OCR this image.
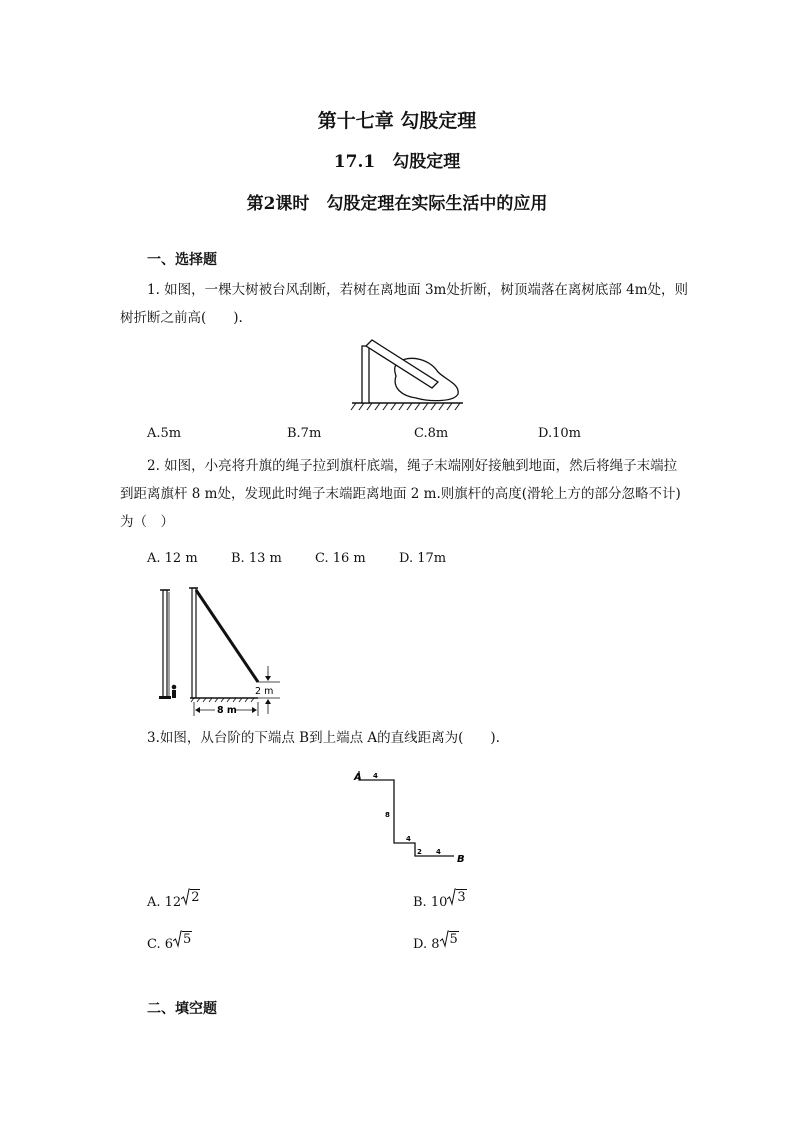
第十七章 勾股定理
17.1　勾股定理
第2课时　勾股定理在实际生活中的应用
一、选择题
1. 如图，一棵大树被台风刮断，若树在离地面 3m处折断，树顶端落在离树底部 4m处，则树折断之前高(　　).
A.5m	B.7m	C.8m	D.10m
2. 如图，小亮将升旗的绳子拉到旗杆底端，绳子末端刚好接触到地面，然后将绳子末端拉到距离旗杆 8 m处，发现此时绳子末端距离地面 2 m.则旗杆的高度(滑轮上方的部分忽略不计)为（　）
A. 12 m	B. 13 m	C. 16 m	D. 17m
2 m
8 m
3.如图，从台阶的下端点 B到上端点 A的直线距离为(　　).
A
B
4
8
4
2 4
A. 12 2	B. 10 3
C. 6 5	D. 8 5
二、填空题
